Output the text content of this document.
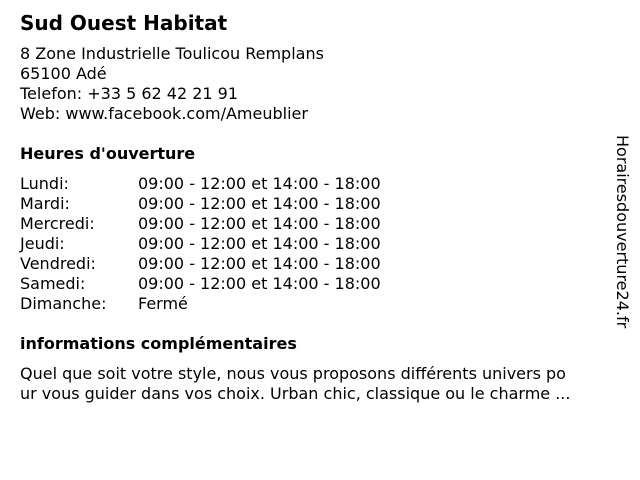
Sud Ouest Habitat
8 Zone Industrielle Toulicou Remplans
65100 Adé
Telefon: +33 5 62 42 21 91
Web: www.facebook.com/Ameublier
Heures d'ouverture
Lundi:	09:00 - 12:00 et 14:00 - 18:00
Mardi:	09:00 - 12:00 et 14:00 - 18:00
Mercredi:	09:00 - 12:00 et 14:00 - 18:00
Jeudi:	09:00 - 12:00 et 14:00 - 18:00
Vendredi:	09:00 - 12:00 et 14:00 - 18:00
Samedi:	09:00 - 12:00 et 14:00 - 18:00
Dimanche: Fermé
informations complémentaires
Quel que soit votre style, nous vous proposons différents univers po
ur vous guider dans vos choix. Urban chic, classique ou le charme ...
Horairesdouverture24.fr
